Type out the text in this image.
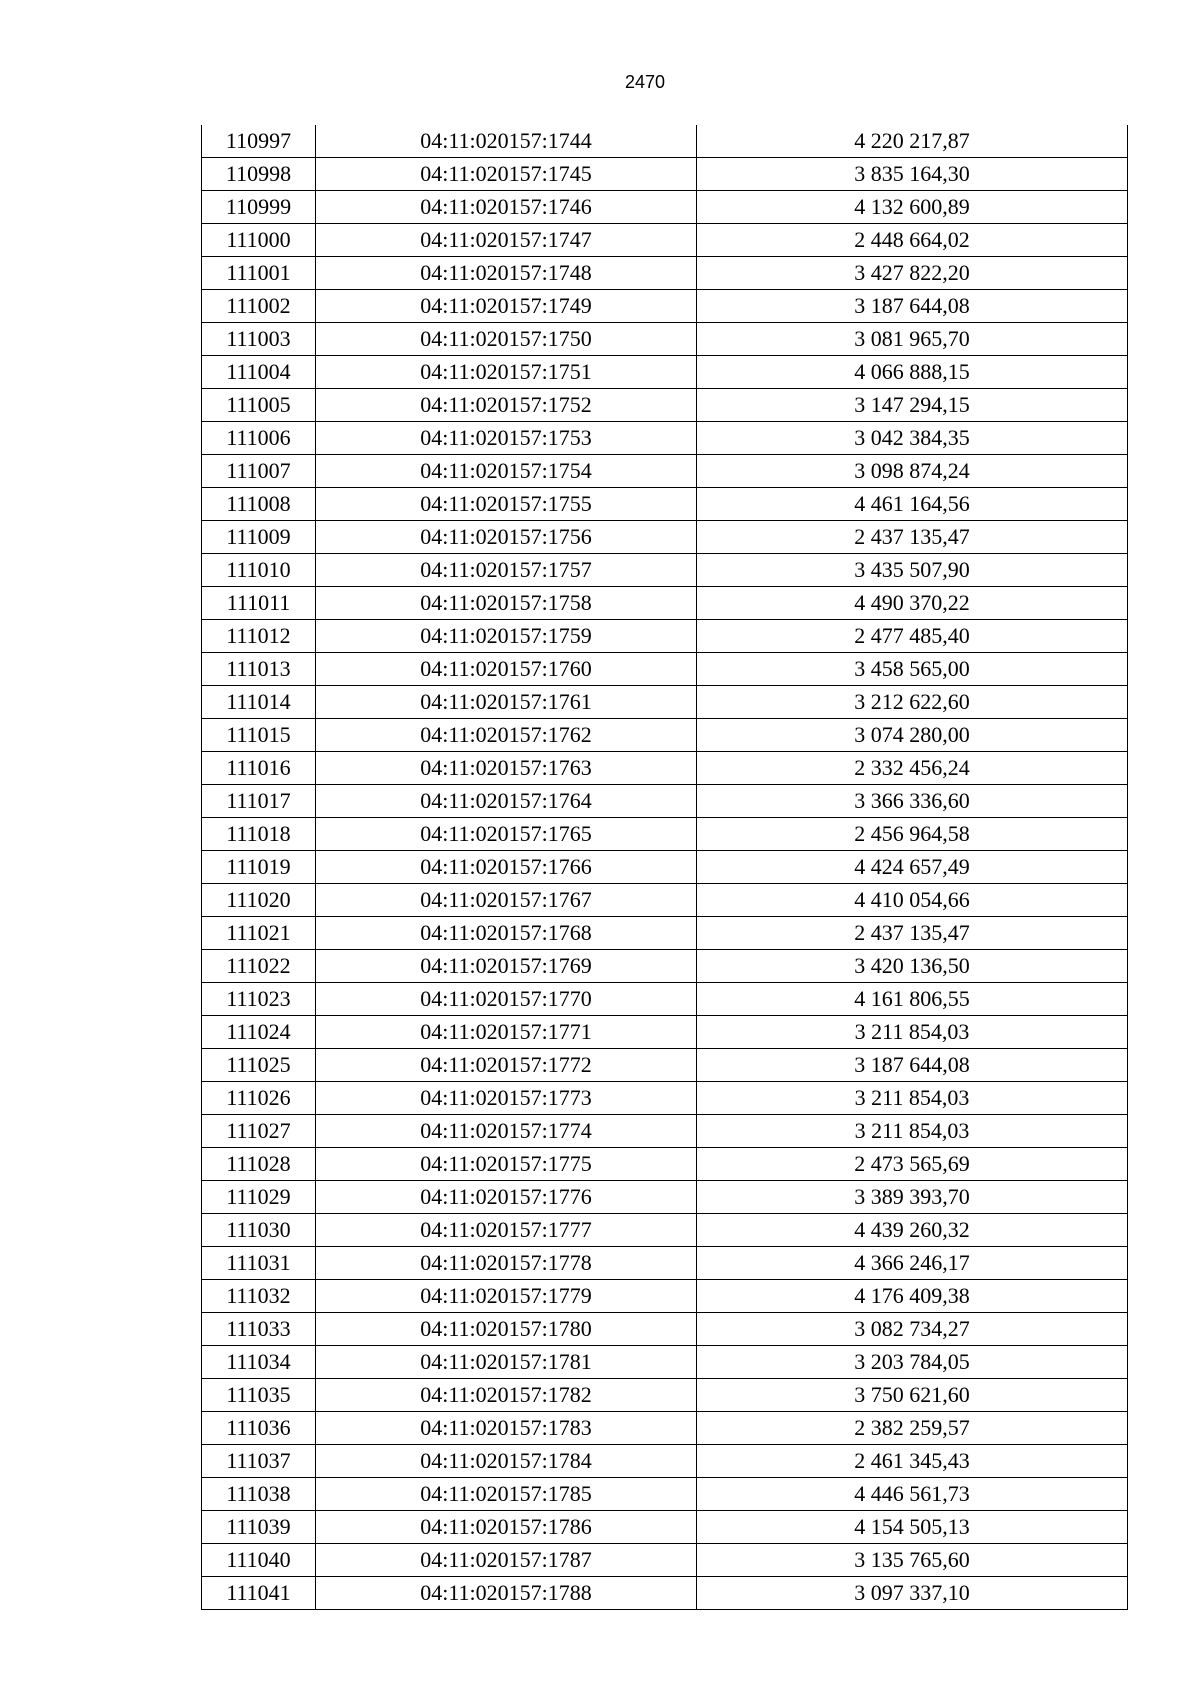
2470
110997	04:11:020157:1744	4 220 217,87
110998	04:11:020157:1745	3 835 164,30
110999	04:11:020157:1746	4 132 600,89
111000	04:11:020157:1747	2 448 664,02
111001	04:11:020157:1748	3 427 822,20
111002	04:11:020157:1749	3 187 644,08
111003	04:11:020157:1750	3 081 965,70
111004	04:11:020157:1751	4 066 888,15
111005	04:11:020157:1752	3 147 294,15
111006	04:11:020157:1753	3 042 384,35
111007	04:11:020157:1754	3 098 874,24
111008	04:11:020157:1755	4 461 164,56
111009	04:11:020157:1756	2 437 135,47
111010	04:11:020157:1757	3 435 507,90
111011	04:11:020157:1758	4 490 370,22
111012	04:11:020157:1759	2 477 485,40
111013	04:11:020157:1760	3 458 565,00
111014	04:11:020157:1761	3 212 622,60
111015	04:11:020157:1762	3 074 280,00
111016	04:11:020157:1763	2 332 456,24
111017	04:11:020157:1764	3 366 336,60
111018	04:11:020157:1765	2 456 964,58
111019	04:11:020157:1766	4 424 657,49
111020	04:11:020157:1767	4 410 054,66
111021	04:11:020157:1768	2 437 135,47
111022	04:11:020157:1769	3 420 136,50
111023	04:11:020157:1770	4 161 806,55
111024	04:11:020157:1771	3 211 854,03
111025	04:11:020157:1772	3 187 644,08
111026	04:11:020157:1773	3 211 854,03
111027	04:11:020157:1774	3 211 854,03
111028	04:11:020157:1775	2 473 565,69
111029	04:11:020157:1776	3 389 393,70
111030	04:11:020157:1777	4 439 260,32
111031	04:11:020157:1778	4 366 246,17
111032	04:11:020157:1779	4 176 409,38
111033	04:11:020157:1780	3 082 734,27
111034	04:11:020157:1781	3 203 784,05
111035	04:11:020157:1782	3 750 621,60
111036	04:11:020157:1783	2 382 259,57
111037	04:11:020157:1784	2 461 345,43
111038	04:11:020157:1785	4 446 561,73
111039	04:11:020157:1786	4 154 505,13
111040	04:11:020157:1787	3 135 765,60
111041	04:11:020157:1788	3 097 337,10
